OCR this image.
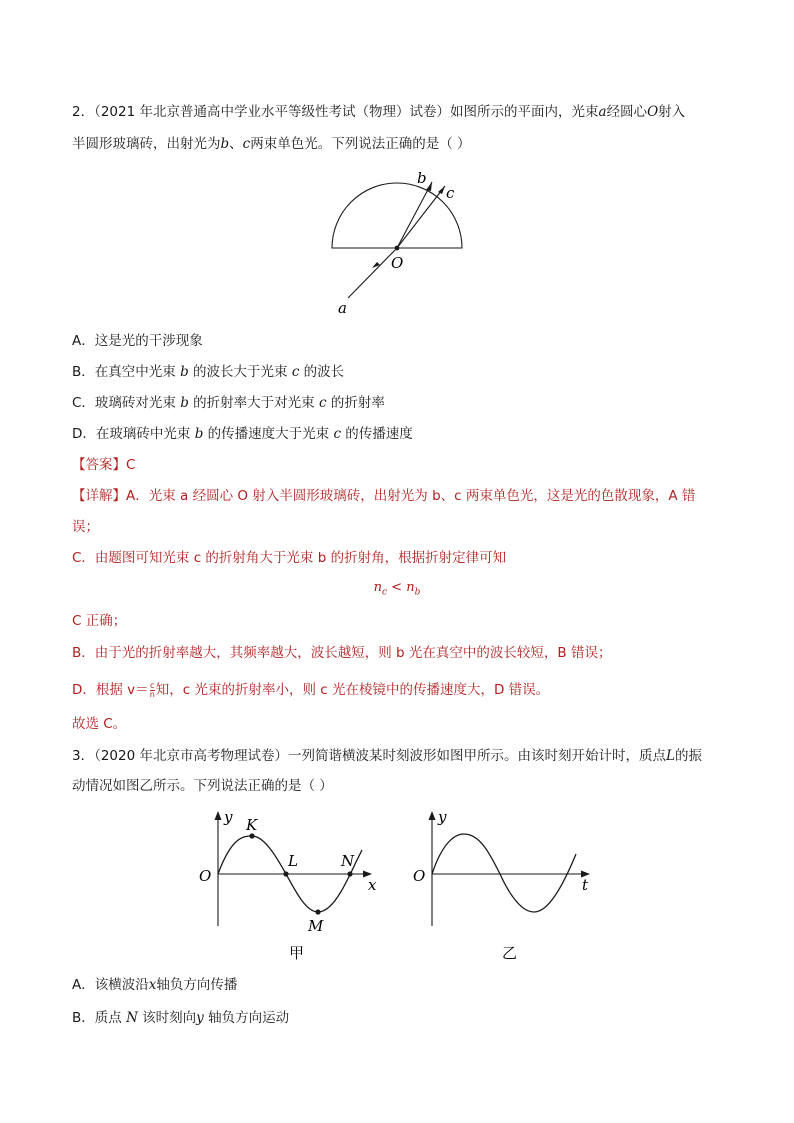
2．（2021 年北京普通高中学业水平等级性考试（物理）试卷）如图所示的平面内，光束a经圆心O射入
半圆形玻璃砖，出射光为b、c两束单色光。下列说法正确的是（ ）
b
c
O
a
A．这是光的干涉现象
B．在真空中光束 b 的波长大于光束 c 的波长
C．玻璃砖对光束 b 的折射率大于对光束 c 的折射率
D．在玻璃砖中光束 b 的传播速度大于光束 c 的传播速度
【答案】C
【详解】A．光束 a 经圆心 O 射入半圆形玻璃砖，出射光为 b、c 两束单色光，这是光的色散现象，A 错
误；
C．由题图可知光束 c 的折射角大于光束 b 的折射角，根据折射定律可知
$n_c < n_b$
C 正确；
B．由于光的折射率越大，其频率越大，波长越短，则 b 光在真空中的波长较短，B 错误；
D．根据 $v= \frac{c}{n}$ 知，c 光束的折射率小，则 c 光在棱镜中的传播速度大，D 错误。
故选 C。
3．（2020 年北京市高考物理试卷）一列简谐横波某时刻波形如图甲所示。由该时刻开始计时，质点L的振
动情况如图乙所示。下列说法正确的是（ ）
y
O
K
L	N
M
x
甲
y
O	t
乙
A．该横波沿x轴负方向传播
B．质点 N 该时刻向y 轴负方向运动
